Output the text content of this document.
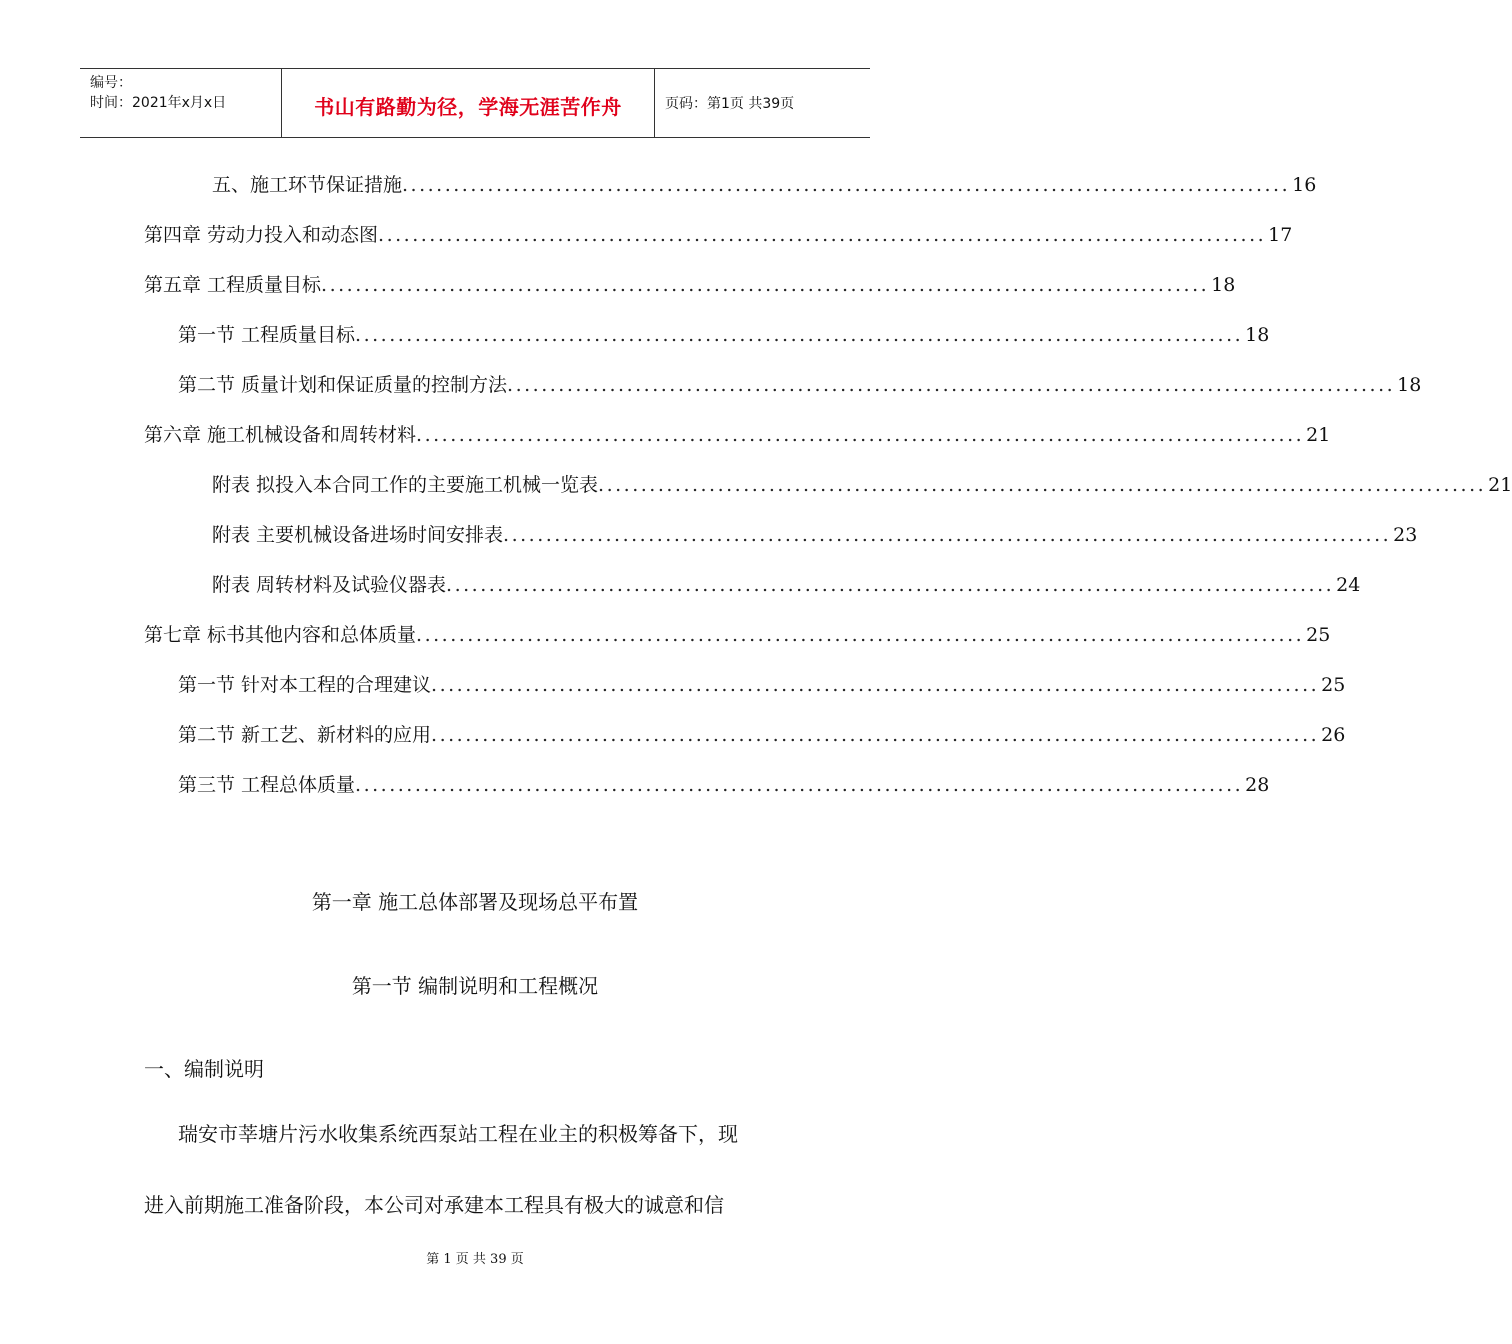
编号：
时间：2021年x月x日	书山有路勤为径，学海无涯苦作舟	页码：第1页 共39页
五、施工环节保证措施 ........................................................................................................ 16
第四章 劳动力投入和动态图 ........................................................................................................ 17
第五章 工程质量目标 ........................................................................................................ 18
第一节 工程质量目标 ........................................................................................................ 18
第二节 质量计划和保证质量的控制方法 ........................................................................................................ 18
第六章 施工机械设备和周转材料 ........................................................................................................ 21
附表 拟投入本合同工作的主要施工机械一览表 ........................................................................................................ 21
附表 主要机械设备进场时间安排表 ........................................................................................................ 23
附表 周转材料及试验仪器表 ........................................................................................................ 24
第七章 标书其他内容和总体质量 ........................................................................................................ 25
第一节 针对本工程的合理建议 ........................................................................................................ 25
第二节 新工艺、新材料的应用 ........................................................................................................ 26
第三节 工程总体质量 ........................................................................................................ 28
第一章 施工总体部署及现场总平布置
第一节 编制说明和工程概况
一、编制说明
瑞安市莘塘片污水收集系统西泵站工程在业主的积极筹备下，现
进入前期施工准备阶段，本公司对承建本工程具有极大的诚意和信
第 1 页 共 39 页
